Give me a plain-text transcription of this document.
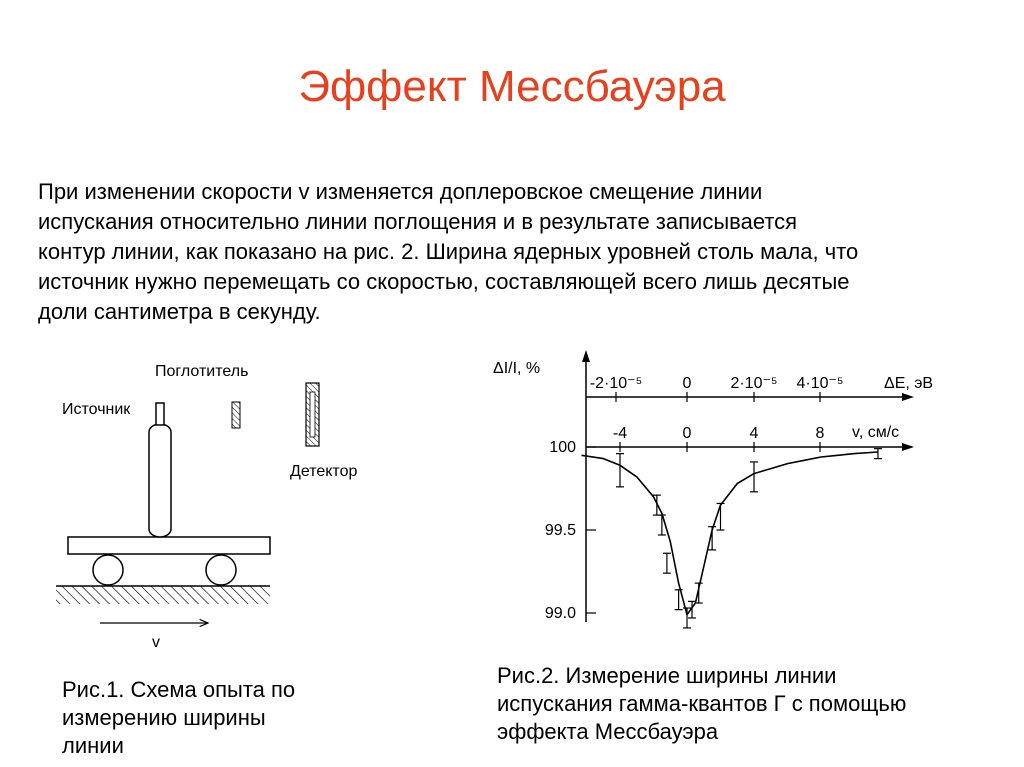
Эффект Мессбауэра
При изменении скорости v изменяется доплеровское смещение линии
испускания относительно линии поглощения и в результате записывается
контур линии, как показано на рис. 2. Ширина ядерных уровней столь мала, что
источник нужно перемещать со скоростью, составляющей всего лишь десятые
доли сантиметра в секунду.
Поглотитель
Источник
Детектор
v
Рис.1. Схема опыта по
измерению ширины
линии
ΔI/I, %
ΔE, эВ
v, см/с
-2·10⁻⁵	0 2·10⁻⁵ 4·10⁻⁵
-4	0	4	8
100
99.5
99.0
Рис.2. Измерение ширины линии
испускания гамма-квантов Г с помощью
эффекта Мессбауэра
